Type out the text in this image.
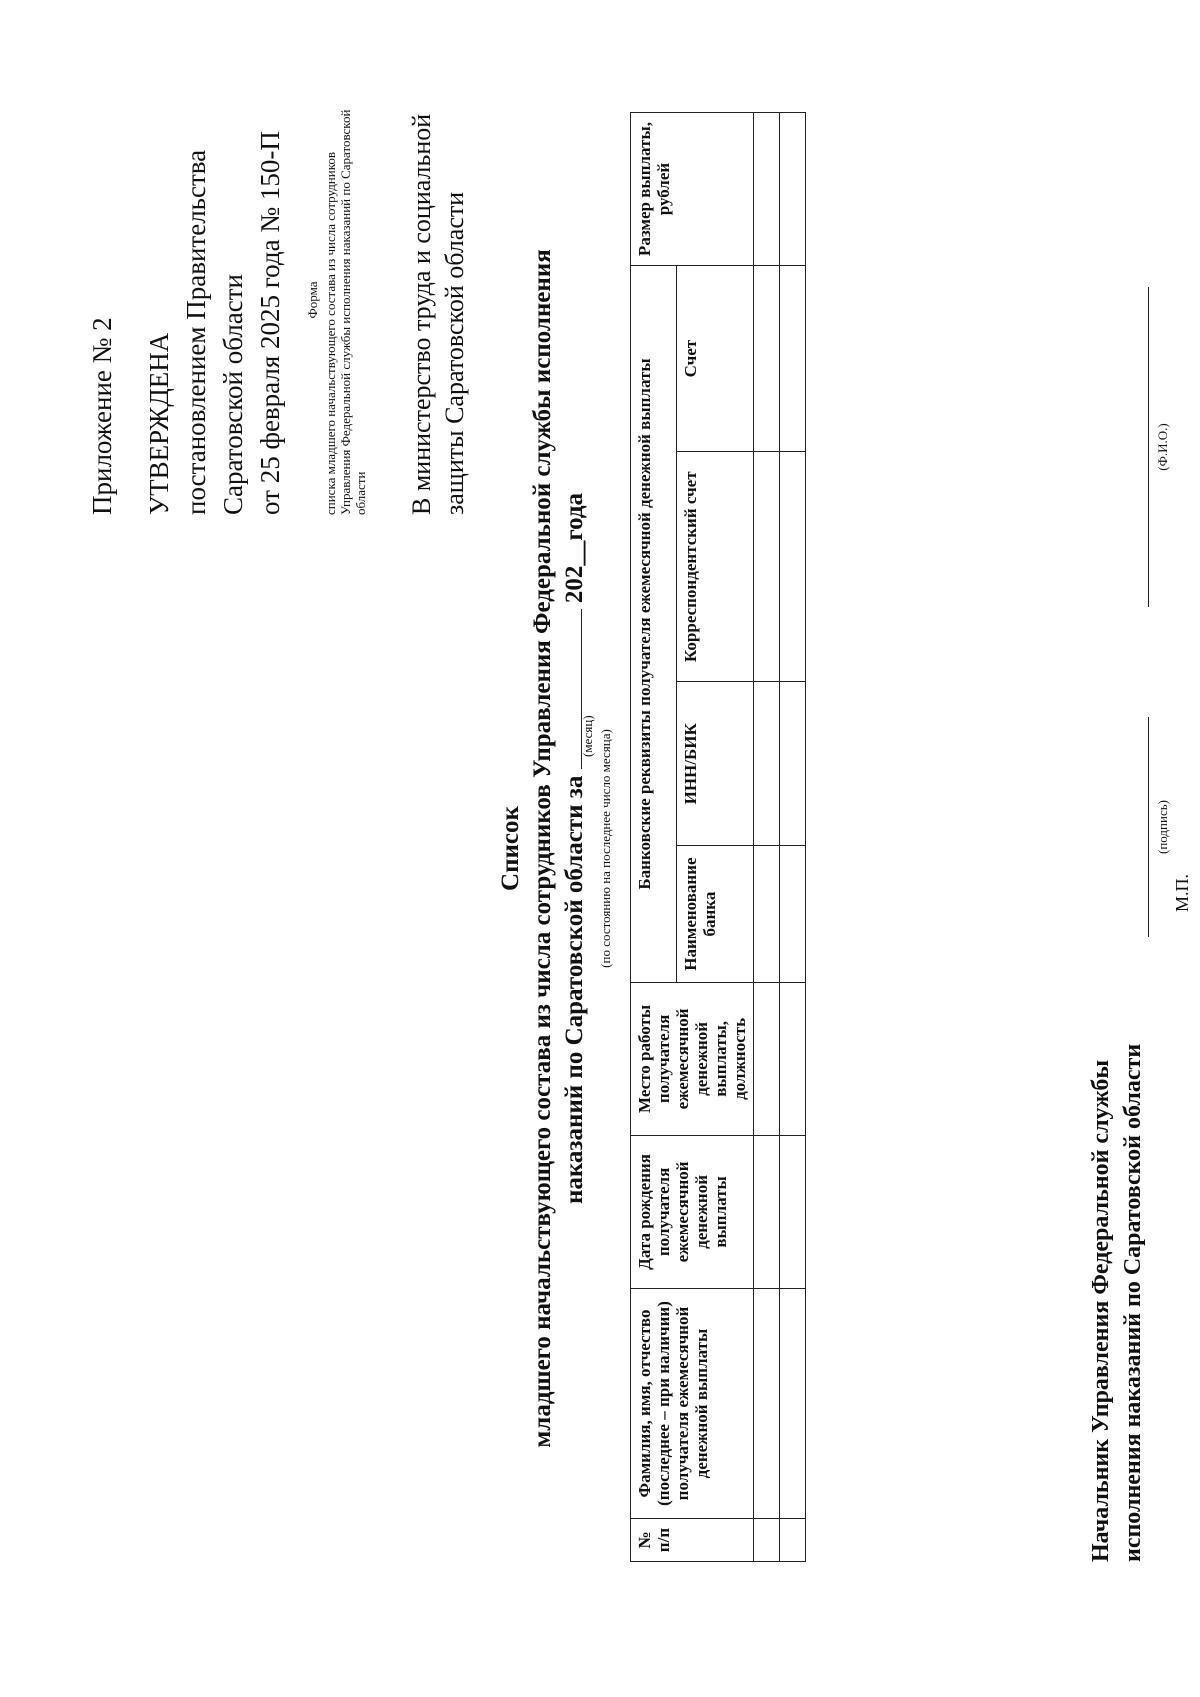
Приложение № 2 УТВЕРЖДЕНА постановлением Правительства Саратовской области от 25 февраля 2025 года № 150-П	Форма списка младшего начальствующего состава из числа сотрудников Управления Федеральной службы исполнения наказаний по Саратовской области В министерство труда и социальной защиты Саратовской области
Список младшего начальствующего состава из числа сотрудников Управления Федеральной службы исполнения наказаний по Саратовской области за  202__года
(месяц) (по состоянию на последнее число месяца)
№ п/п	Фамилия, имя, отчество (последнее – при наличии) получателя ежемесячной денежной выплаты	Дата рождения получателя ежемесячной денежной выплаты	Место работы получателя ежемесячной денежной выплаты, должность	Банковские реквизиты получателя ежемесячной денежной выплаты				Размер выплаты, рублей
				Наименование банка	ИНН/БИК	Корреспондентский счет	Счет	

Начальник Управления Федеральной службы исполнения наказаний по Саратовской области
(подпись)
(Ф.И.О.)
М.П.
